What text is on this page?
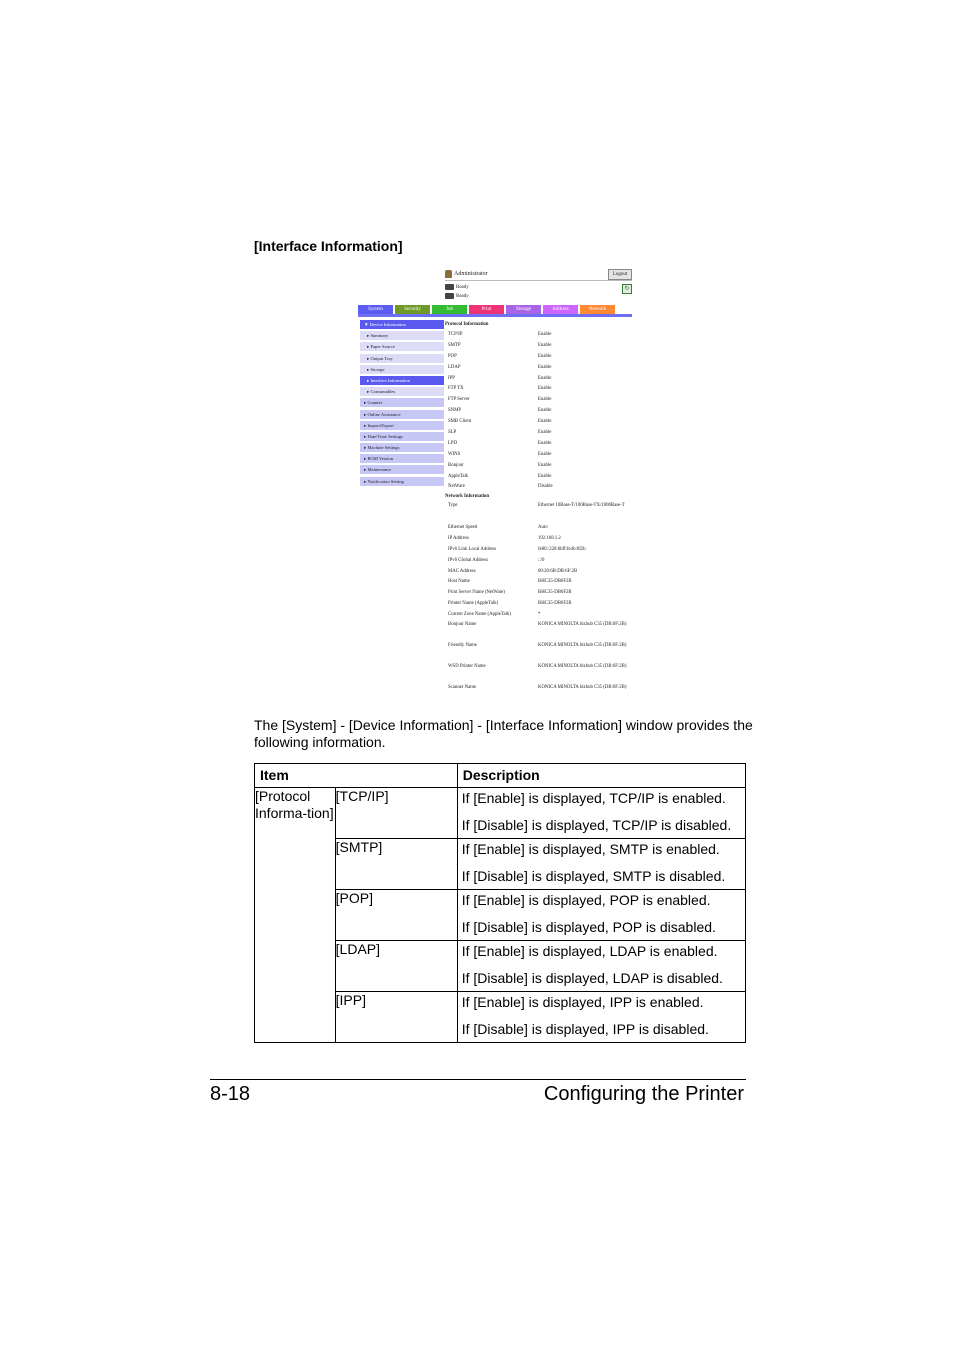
[Interface Information]
Administrator	Logout
Ready
Ready
↻
System	Security	Job	Print	Storage	Address	Network
▼ Device Information
▸ Summary
▸ Paper Source
▸ Output Tray
▸ Storage
▸ Interface Information
▸ Consumables
▸ Counter
▸ Online Assistance
▸ Import/Export
▸ Date/Time Settings
▸ Machine Settings
▸ ROM Version
▸ Maintenance
▸ Notification Setting
Protocol Information
TCP/IP	Enable
SMTP	Enable
POP	Enable
LDAP	Enable
IPP	Enable
FTP TX	Enable
FTP Server	Enable
SNMP	Enable
SMB Client	Enable
SLP	Enable
LPD	Enable
WINS	Enable
Bonjour	Enable
AppleTalk	Enable
NetWare	Disable
Network Information
Type	Ethernet 10Base-T/100Base-TX/1000Base-T
Ethernet Speed	Auto
IP Address	192.168.1.2
IPv6 Link Local Address	fe80::220:6bff:fe4b:6f2b
IPv6 Global Address	::/0
MAC Address	00:20:6B:DB:6F:2B
Host Name	BHC35-DB6F2B
Print Server Name (NetWare)	BHC35-DB6F2B
Printer Name (AppleTalk)	BHC35-DB6F2B
Current Zone Name (AppleTalk)	*
Bonjour Name	KONICA MINOLTA bizhub C35 (DB:6F:2B)
Friendly Name	KONICA MINOLTA bizhub C35 (DB:6F:2B)
WSD Printer Name	KONICA MINOLTA bizhub C35 (DB:6F:2B)
Scanner Name	KONICA MINOLTA bizhub C35 (DB:6F:2B)
The [System] - [Device Information] - [Interface Information] window provides the following information.
Item		Description
[Protocol Informa-tion]	[TCP/IP]	If [Enable] is displayed, TCP/IP is enabled.
If [Disable] is displayed, TCP/IP is disabled.

	[SMTP]	If [Enable] is displayed, SMTP is enabled.
If [Disable] is displayed, SMTP is disabled.

	[POP]	If [Enable] is displayed, POP is enabled.
If [Disable] is displayed, POP is disabled.

	[LDAP]	If [Enable] is displayed, LDAP is enabled.
If [Disable] is displayed, LDAP is disabled.

	[IPP]	If [Enable] is displayed, IPP is enabled.
If [Disable] is displayed, IPP is disabled.
8-18	Configuring the Printer
